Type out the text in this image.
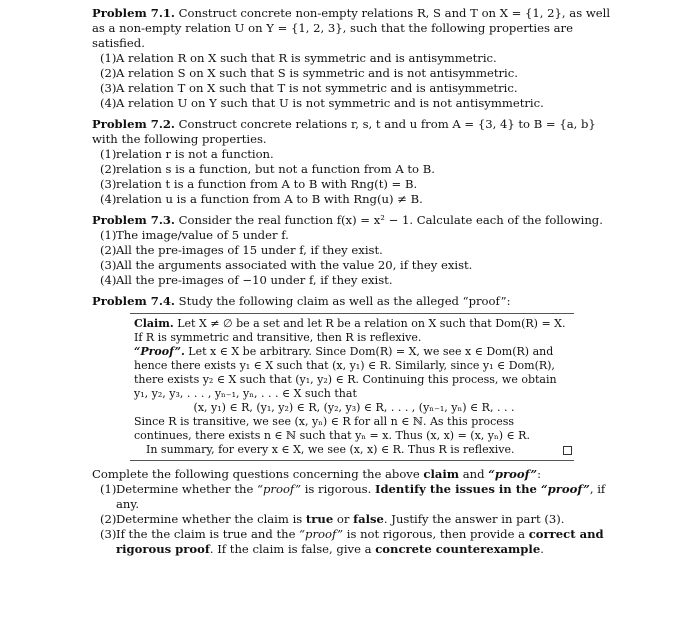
Problem 7.1. Construct concrete non-empty relations R, S and T on X = {1, 2}, as well as a non-empty relation U on Y = {1, 2, 3}, such that the following properties are satisfied.

(1) A relation R on X such that R is symmetric and is antisymmetric.
(2) A relation S on X such that S is symmetric and is not antisymmetric.
(3) A relation T on X such that T is not symmetric and is antisymmetric.
(4) A relation U on Y such that U is not symmetric and is not antisymmetric.

Problem 7.2. Construct concrete relations r, s, t and u from A = {3, 4} to B = {a, b} with the following properties.

(1) relation r is not a function.
(2) relation s is a function, but not a function from A to B.
(3) relation t is a function from A to B with Rng(t) = B.
(4) relation u is a function from A to B with Rng(u) ≠ B.

Problem 7.3. Consider the real function f(x) = x² − 1. Calculate each of the following.

(1) The image/value of 5 under f.
(2) All the pre-images of 15 under f, if they exist.
(3) All the arguments associated with the value 20, if they exist.
(4) All the pre-images of −10 under f, if they exist.

Problem 7.4. Study the following claim as well as the alleged “proof”:

Claim. Let X ≠ ∅ be a set and let R be a relation on X such that Dom(R) = X. If R is symmetric and transitive, then R is reflexive.

“Proof”. Let x ∈ X be arbitrary. Since Dom(R) = X, we see x ∈ Dom(R) and hence there exists y₁ ∈ X such that (x, y₁) ∈ R. Similarly, since y₁ ∈ Dom(R), there exists y₂ ∈ X such that (y₁, y₂) ∈ R. Continuing this process, we obtain y₁, y₂, y₃, . . . , yₙ₋₁, yₙ, . . . ∈ X such that

(x, y₁) ∈ R, (y₁, y₂) ∈ R, (y₂, y₃) ∈ R, . . . , (yₙ₋₁, yₙ) ∈ R, . . .

Since R is transitive, we see (x, yₙ) ∈ R for all n ∈ ℕ. As this process continues, there exists n ∈ ℕ such that yₙ = x. Thus (x, x) = (x, yₙ) ∈ R.

In summary, for every x ∈ X, we see (x, x) ∈ R. Thus R is reflexive.

Complete the following questions concerning the above claim and “proof”:

(1) Determine whether the “proof” is rigorous. Identify the issues in the “proof”, if any.
(2) Determine whether the claim is true or false. Justify the answer in part (3).
(3) If the the claim is true and the “proof” is not rigorous, then provide a correct and rigorous proof. If the claim is false, give a concrete counterexample.
